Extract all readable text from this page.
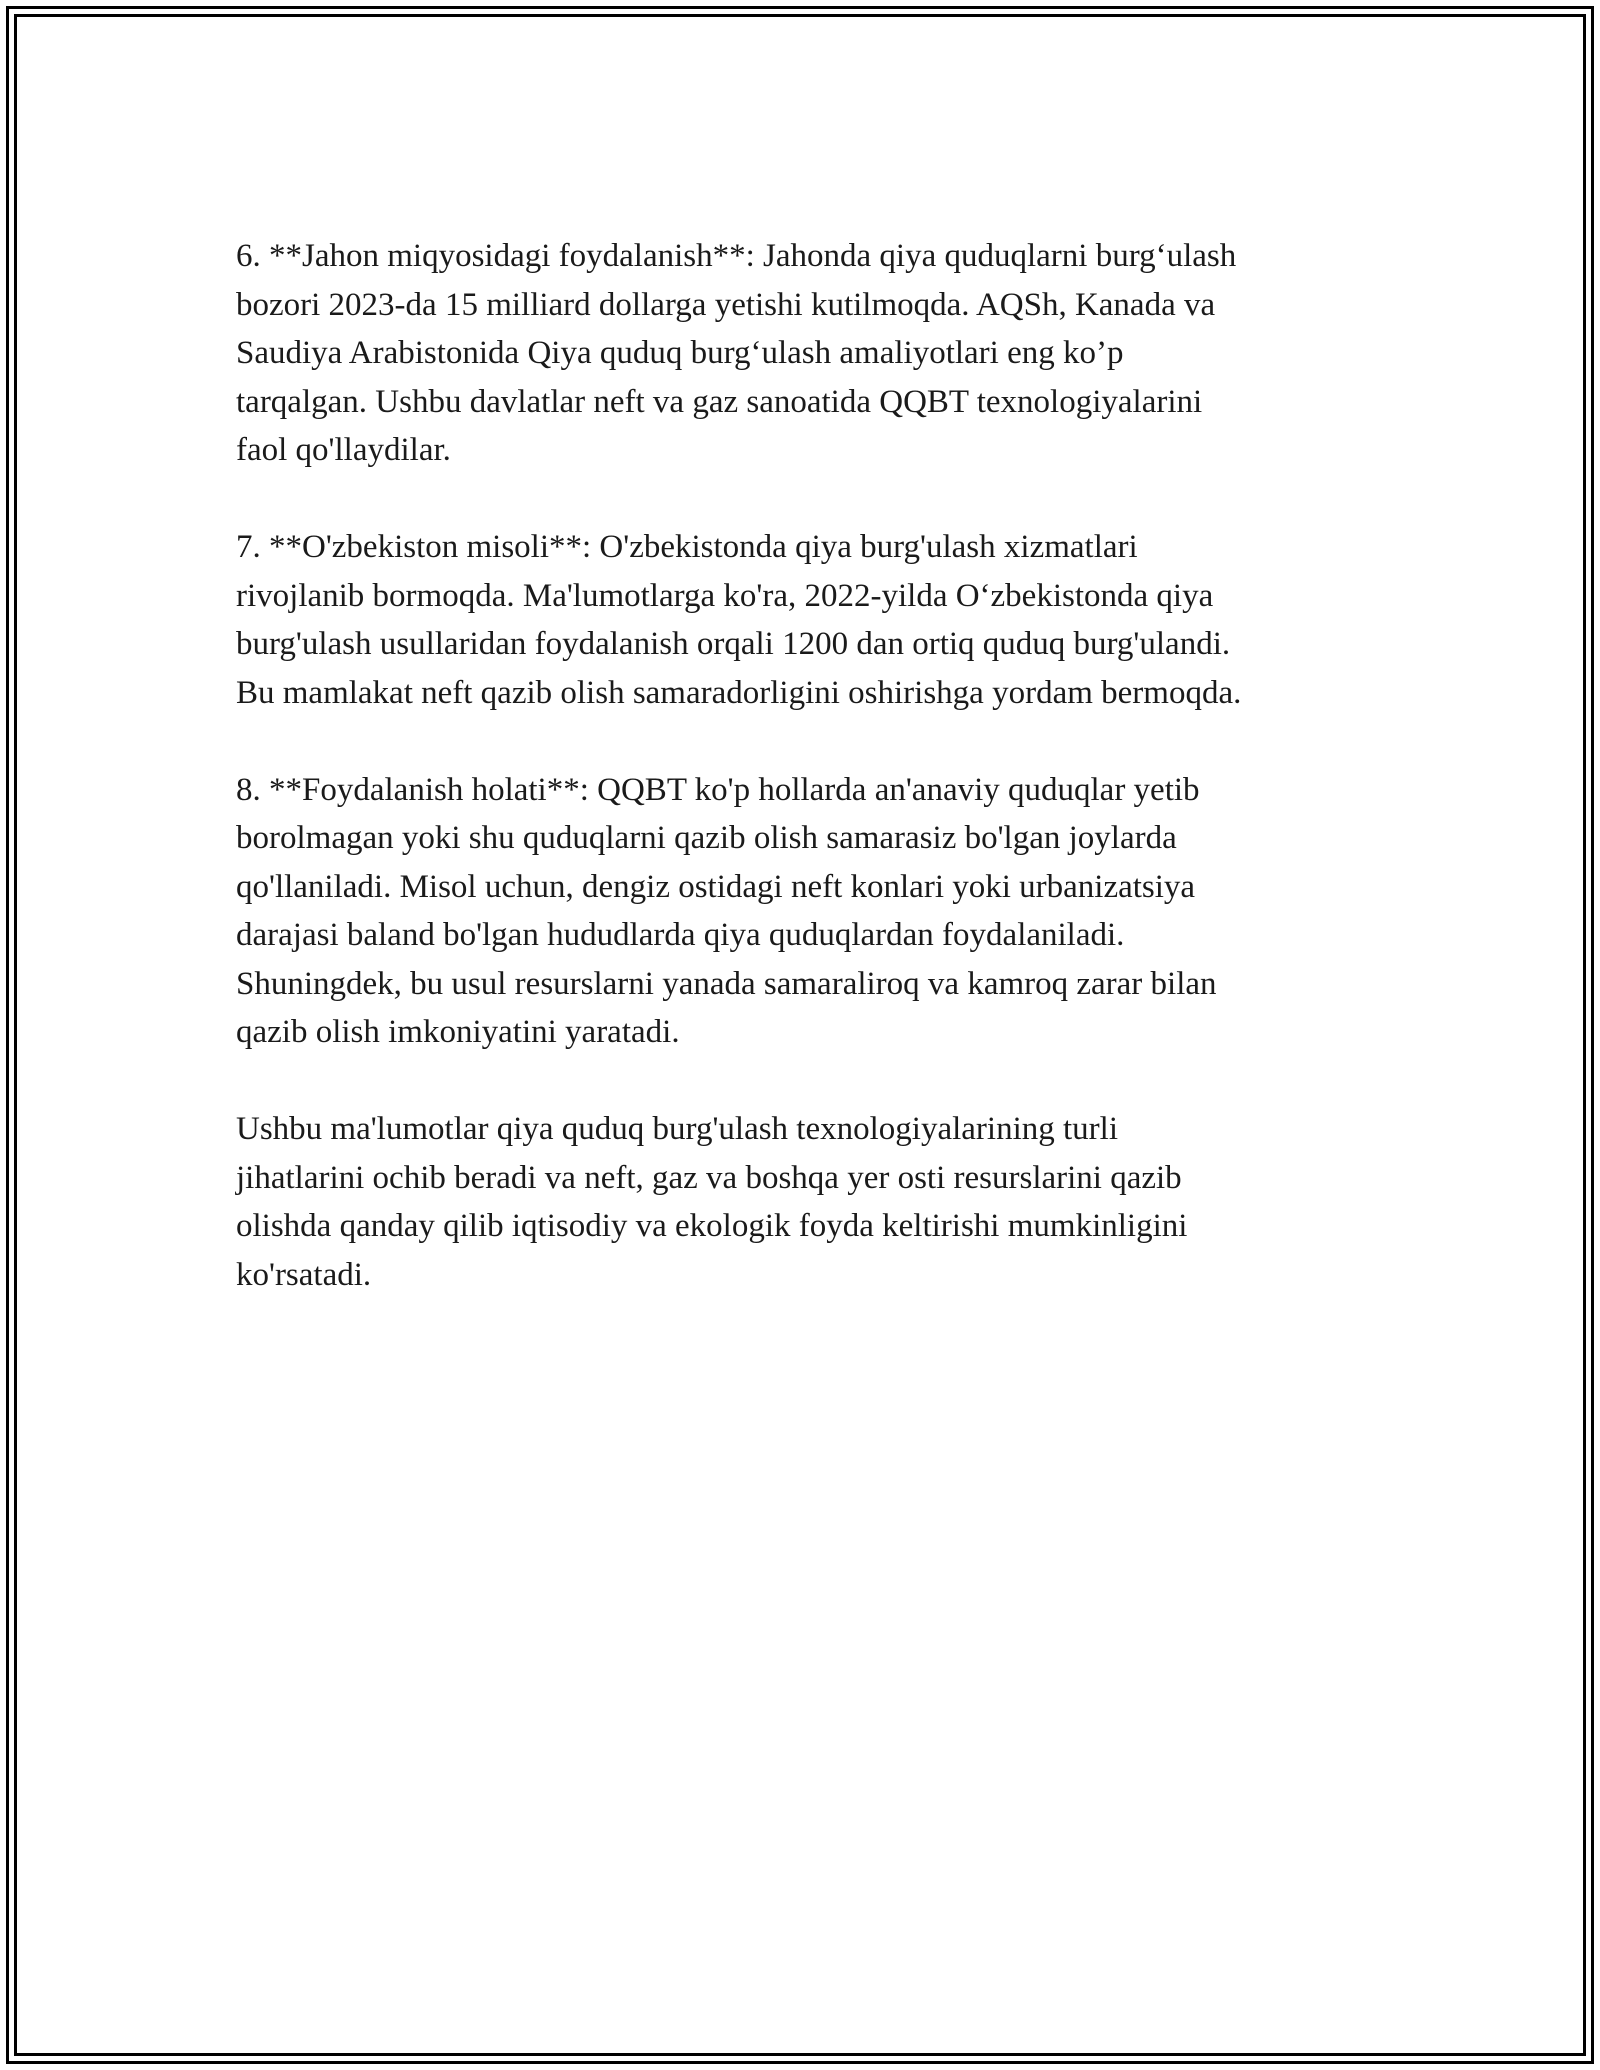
6. **Jahon miqyosidagi foydalanish**: Jahonda qiya quduqlarni burg‘ulash
bozori 2023-da 15 milliard dollarga yetishi kutilmoqda. AQSh, Kanada va
Saudiya Arabistonida Qiya quduq burg‘ulash amaliyotlari eng ko’p
tarqalgan. Ushbu davlatlar neft va gaz sanoatida QQBT texnologiyalarini
faol qo'llaydilar.

7. **O'zbekiston misoli**: O'zbekistonda qiya burg'ulash xizmatlari
rivojlanib bormoqda. Ma'lumotlarga ko'ra, 2022-yilda O‘zbekistonda qiya
burg'ulash usullaridan foydalanish orqali 1200 dan ortiq quduq burg'ulandi.
Bu mamlakat neft qazib olish samaradorligini oshirishga yordam bermoqda.

8. **Foydalanish holati**: QQBT ko'p hollarda an'anaviy quduqlar yetib
borolmagan yoki shu quduqlarni qazib olish samarasiz bo'lgan joylarda
qo'llaniladi. Misol uchun, dengiz ostidagi neft konlari yoki urbanizatsiya
darajasi baland bo'lgan hududlarda qiya quduqlardan foydalaniladi.
Shuningdek, bu usul resurslarni yanada samaraliroq va kamroq zarar bilan
qazib olish imkoniyatini yaratadi.

Ushbu ma'lumotlar qiya quduq burg'ulash texnologiyalarining turli
jihatlarini ochib beradi va neft, gaz va boshqa yer osti resurslarini qazib
olishda qanday qilib iqtisodiy va ekologik foyda keltirishi mumkinligini
ko'rsatadi.
